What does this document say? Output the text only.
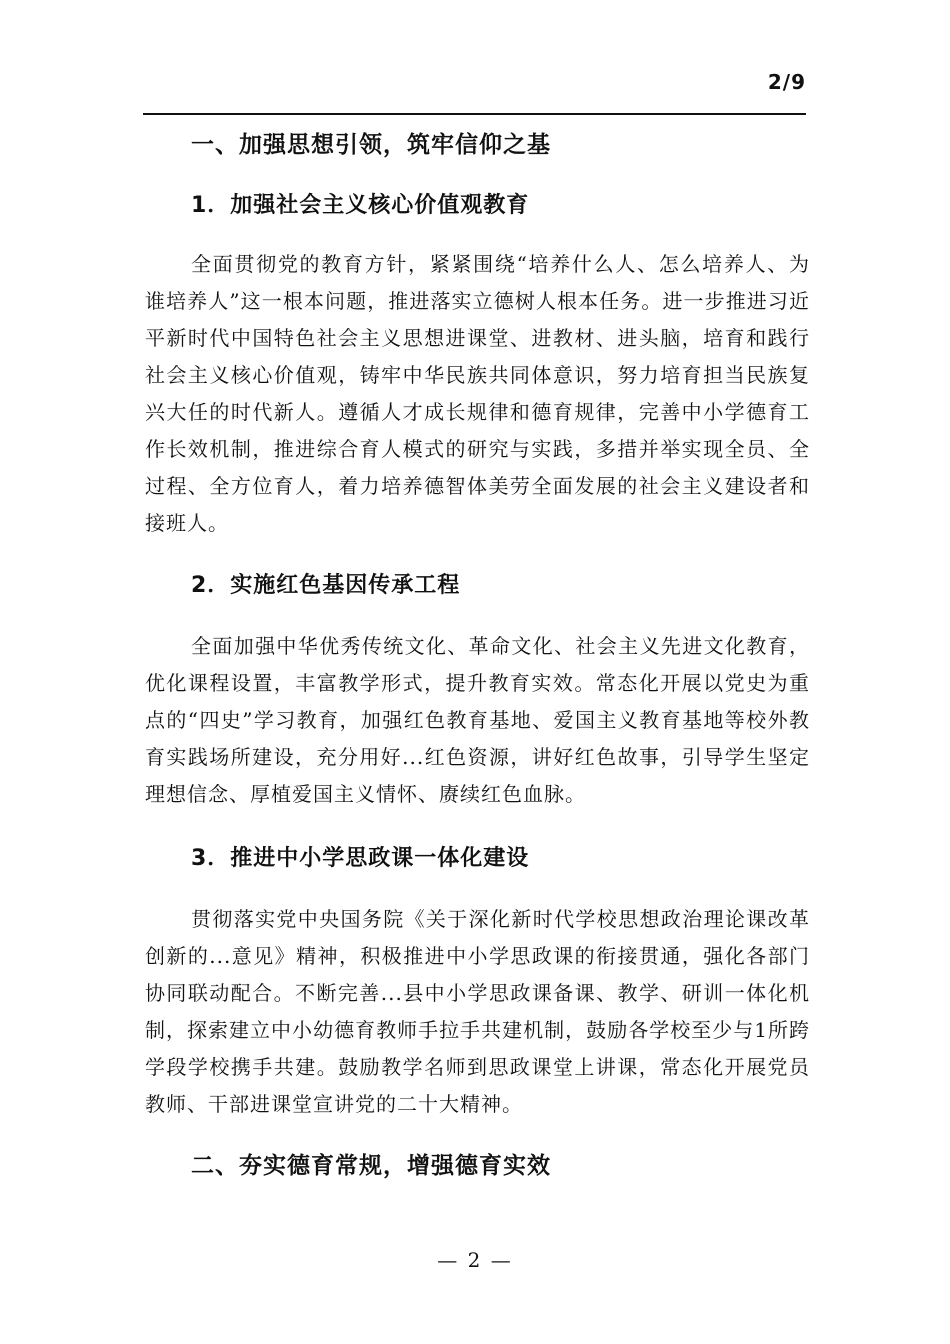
2/9
一、加强思想引领，筑牢信仰之基
1．加强社会主义核心价值观教育

全面贯彻党的教育方针，紧紧围绕“培养什么人、怎么培养人、为谁培养人”这一根本问题，推进落实立德树人根本任务。进一步推进习近平新时代中国特色社会主义思想进课堂、进教材、进头脑，培育和践行社会主义核心价值观，铸牢中华民族共同体意识，努力培育担当民族复兴大任的时代新人。遵循人才成长规律和德育规律，完善中小学德育工作长效机制，推进综合育人模式的研究与实践，多措并举实现全员、全过程、全方位育人，着力培养德智体美劳全面发展的社会主义建设者和接班人。

2．实施红色基因传承工程

全面加强中华优秀传统文化、革命文化、社会主义先进文化教育，优化课程设置，丰富教学形式，提升教育实效。常态化开展以党史为重点的“四史”学习教育，加强红色教育基地、爱国主义教育基地等校外教育实践场所建设，充分用好...红色资源，讲好红色故事，引导学生坚定理想信念、厚植爱国主义情怀、赓续红色血脉。

3．推进中小学思政课一体化建设

贯彻落实党中央国务院《关于深化新时代学校思想政治理论课改革创新的...意见》精神，积极推进中小学思政课的衔接贯通，强化各部门协同联动配合。不断完善...县中小学思政课备课、教学、研训一体化机制，探索建立中小幼德育教师手拉手共建机制，鼓励各学校至少与1所跨学段学校携手共建。鼓励教学名师到思政课堂上讲课，常态化开展党员教师、干部进课堂宣讲党的二十大精神。

二、夯实德育常规，增强德育实效
— 2 —
